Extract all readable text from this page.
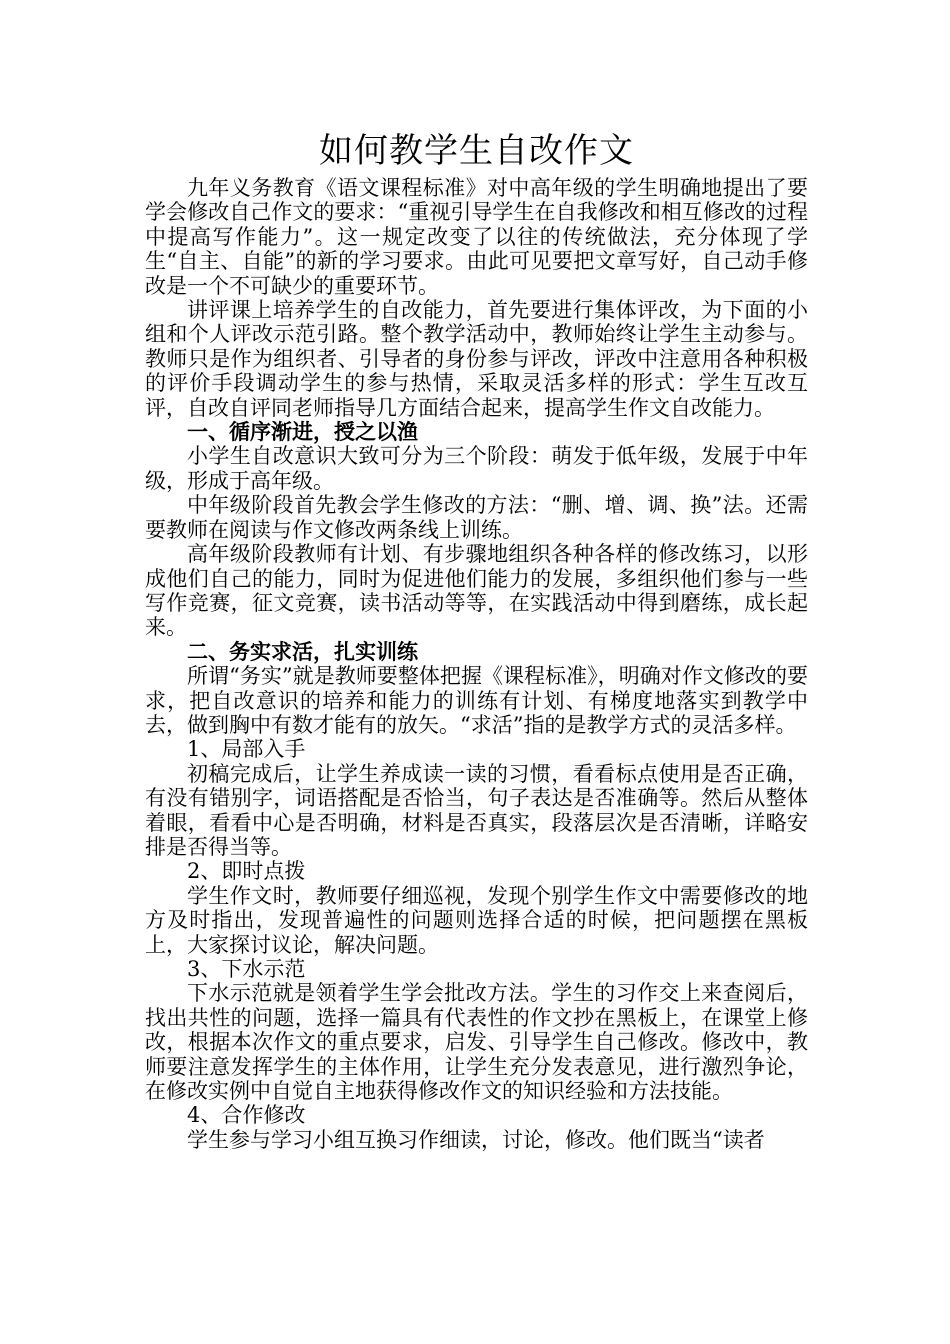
如何教学生自改作文

九年义务教育《语文课程标准》对中高年级的学生明确地提出了要学会修改自己作文的要求：“重视引导学生在自我修改和相互修改的过程中提高写作能力”。这一规定改变了以往的传统做法，充分体现了学生“自主、自能”的新的学习要求。由此可见要把文章写好，自己动手修改是一个不可缺少的重要环节。

讲评课上培养学生的自改能力，首先要进行集体评改，为下面的小组和个人评改示范引路。整个教学活动中，教师始终让学生主动参与。教师只是作为组织者、引导者的身份参与评改，评改中注意用各种积极的评价手段调动学生的参与热情，采取灵活多样的形式：学生互改互评，自改自评同老师指导几方面结合起来，提高学生作文自改能力。

一、循序渐进，授之以渔

小学生自改意识大致可分为三个阶段：萌发于低年级，发展于中年级，形成于高年级。

中年级阶段首先教会学生修改的方法：“删、增、调、换”法。还需要教师在阅读与作文修改两条线上训练。

高年级阶段教师有计划、有步骤地组织各种各样的修改练习，以形成他们自己的能力，同时为促进他们能力的发展，多组织他们参与一些写作竞赛，征文竞赛，读书活动等等，在实践活动中得到磨练，成长起来。

二、务实求活，扎实训练

所谓“务实”就是教师要整体把握《课程标准》，明确对作文修改的要求，把自改意识的培养和能力的训练有计划、有梯度地落实到教学中去，做到胸中有数才能有的放矢。“求活”指的是教学方式的灵活多样。

1、局部入手

初稿完成后，让学生养成读一读的习惯，看看标点使用是否正确，有没有错别字，词语搭配是否恰当，句子表达是否准确等。然后从整体着眼，看看中心是否明确，材料是否真实，段落层次是否清晰，详略安排是否得当等。

2、即时点拨

学生作文时，教师要仔细巡视，发现个别学生作文中需要修改的地方及时指出，发现普遍性的问题则选择合适的时候，把问题摆在黑板上，大家探讨议论，解决问题。

3、下水示范

下水示范就是领着学生学会批改方法。学生的习作交上来查阅后，找出共性的问题，选择一篇具有代表性的作文抄在黑板上，在课堂上修改，根据本次作文的重点要求，启发、引导学生自己修改。修改中，教师要注意发挥学生的主体作用，让学生充分发表意见，进行激烈争论，在修改实例中自觉自主地获得修改作文的知识经验和方法技能。

4、合作修改

学生参与学习小组互换习作细读，讨论，修改。他们既当“读者
